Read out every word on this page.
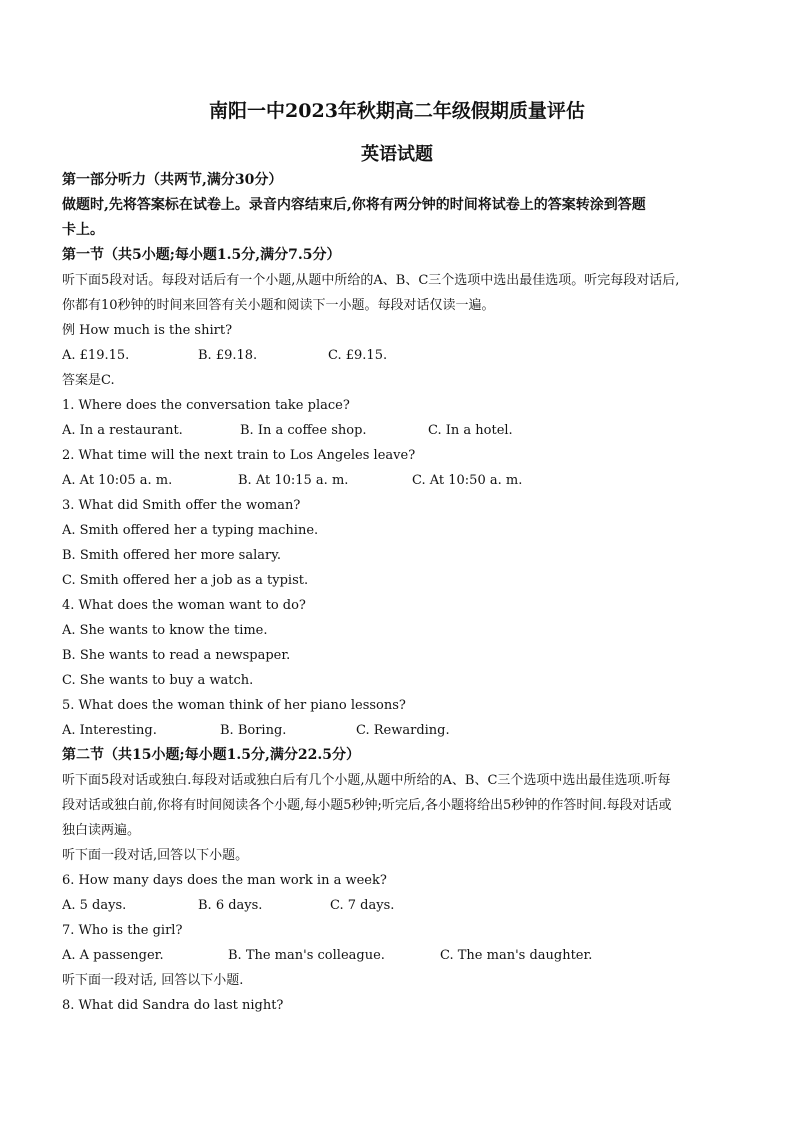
南阳一中2023年秋期高二年级假期质量评估
英语试题
第一部分听力（共两节,满分30分）
做题时,先将答案标在试卷上。录音内容结束后,你将有两分钟的时间将试卷上的答案转涂到答题
卡上。
第一节（共5小题;每小题1.5分,满分7.5分）
听下面5段对话。每段对话后有一个小题,从题中所给的A、B、C三个选项中选出最佳选项。听完每段对话后,
你都有10秒钟的时间来回答有关小题和阅读下一小题。每段对话仅读一遍。
例 How much is the shirt?
A. £19.15.	B. £9.18.	C. £9.15.
答案是C.
1. Where does the conversation take place?
A. In a restaurant.	B. In a coffee shop.	C. In a hotel.
2. What time will the next train to Los Angeles leave?
A. At 10:05 a. m.	B. At 10:15 a. m.	C. At 10:50 a. m.
3. What did Smith offer the woman?
A. Smith offered her a typing machine.
B. Smith offered her more salary.
C. Smith offered her a job as a typist.
4. What does the woman want to do?
A. She wants to know the time.
B. She wants to read a newspaper.
C. She wants to buy a watch.
5. What does the woman think of her piano lessons?
A. Interesting.	B. Boring.	C. Rewarding.
第二节（共15小题;每小题1.5分,满分22.5分）
听下面5段对话或独白.每段对话或独白后有几个小题,从题中所给的A、B、C三个选项中选出最佳选项.听每
段对话或独白前,你将有时间阅读各个小题,每小题5秒钟;听完后,各小题将给出5秒钟的作答时间.每段对话或
独白读两遍。
听下面一段对话,回答以下小题。
6. How many days does the man work in a week?
A. 5 days.	B. 6 days.	C. 7 days.
7. Who is the girl?
A. A passenger.	B. The man's colleague.	C. The man's daughter.
听下面一段对话, 回答以下小题.
8. What did Sandra do last night?
